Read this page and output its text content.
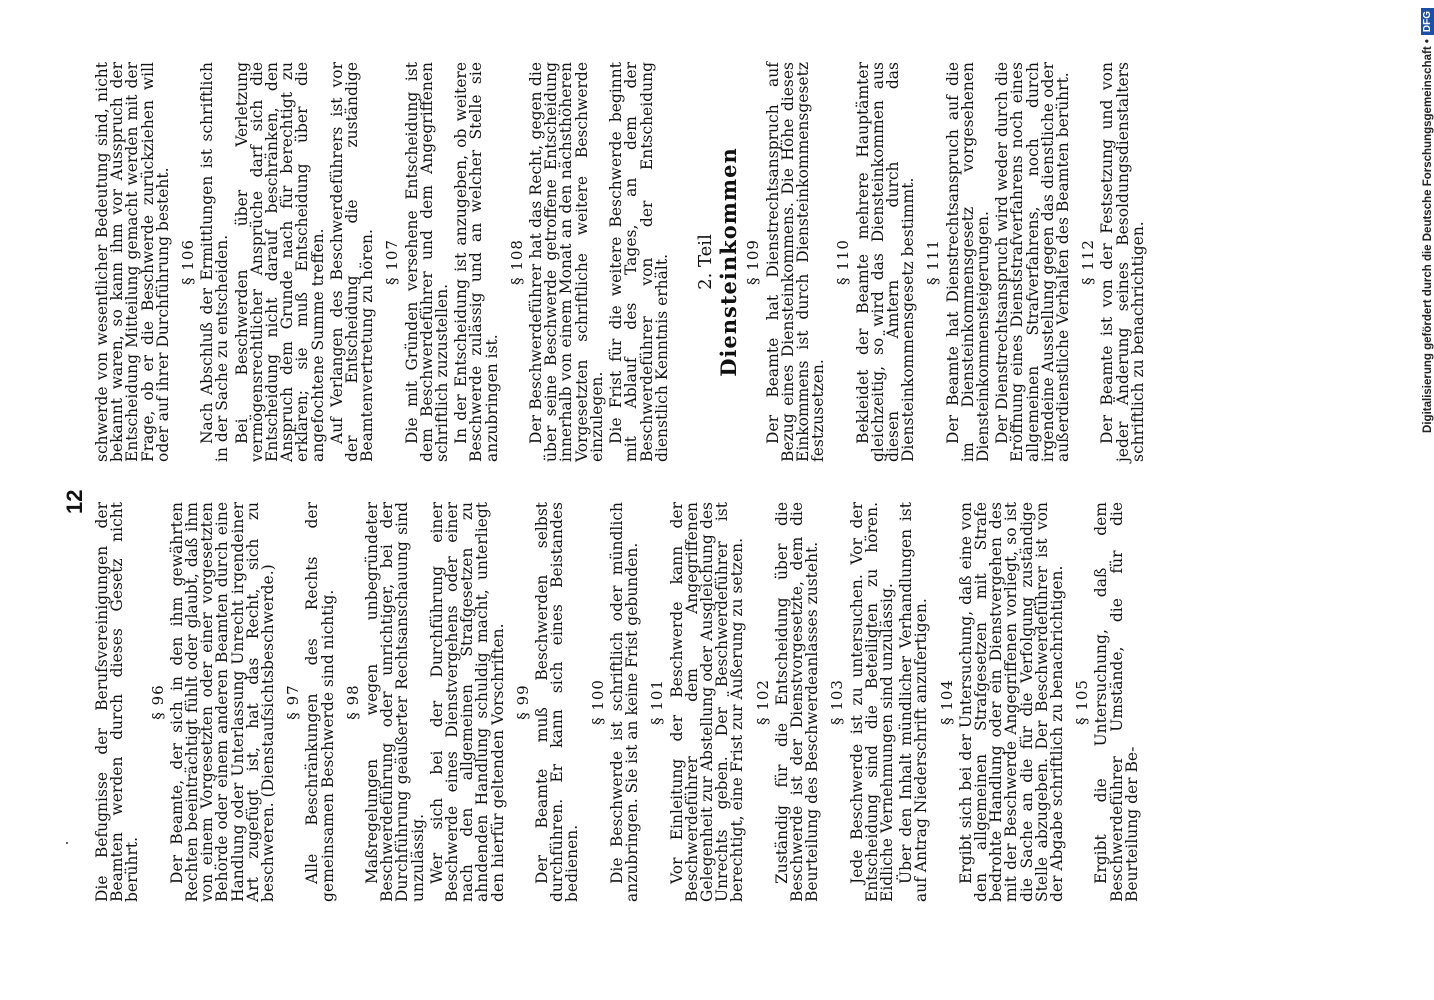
12
Die Befugnisse der Berufsvereinigungen der Beamten werden durch dieses Gesetz nicht berührt.
§ 96 Der Beamte, der sich in den ihm gewährten Rechten beeinträchtigt fühlt oder glaubt, daß ihm von einem Vorgesetzten oder einer vorgesetzten Behörde oder einem anderen Beamten durch eine Handlung oder Unterlassung Unrecht irgendeiner Art zugefügt ist, hat das Recht, sich zu beschweren. (Dienstaufsichtsbeschwerde.) § 97 Alle Beschränkungen des Rechts der gemeinsamen Beschwerde sind nichtig. § 98 Maßregelungen wegen unbegründeter Beschwerdeführung oder unrichtiger, bei der Durchführung geäußerter Rechtsanschauung sind unzulässig. Wer sich bei der Durchführung einer Beschwerde eines Dienstvergehens oder einer nach den allgemeinen Strafgesetzen zu ahndenden Handlung schuldig macht, unterliegt den hierfür geltenden Vorschriften. § 99 Der Beamte muß Beschwerden selbst durchführen. Er kann sich eines Beistandes bedienen.
§ 100 Die Beschwerde ist schriftlich oder mündlich anzubringen. Sie ist an keine Frist gebunden. § 101 Vor Einleitung der Beschwerde kann der Beschwerdeführer dem Angegriffenen Gelegenheit zur Abstellung oder Ausgleichung des Unrechts geben. Der Beschwerdeführer ist berechtigt, eine Frist zur Äußerung zu setzen. § 102 Zuständig für die Entscheidung über die Beschwerde ist der Dienstvorgesetzte, dem die Beurteilung des Beschwerdeanlasses zusteht. § 103 Jede Beschwerde ist zu untersuchen. Vor der Entscheidung sind die Beteiligten zu hören. Eidliche Vernehmungen sind unzulässig. Über den Inhalt mündlicher Verhandlungen ist auf Antrag Niederschrift anzufertigen. § 104 Ergibt sich bei der Untersuchung, daß eine von den allgemeinen Strafgesetzen mit Strafe bedrohte Handlung oder ein Dienstvergehen des mit der Beschwerde Angegriffenen vorliegt, so ist die Sache an die für die Verfolgung zuständige Stelle abzugeben. Der Beschwerdeführer ist von der Abgabe schriftlich zu benachrichtigen. § 105 Ergibt die Untersuchung, daß dem Beschwerdeführer Umstände, die für die Beurteilung der Be-
schwerde von wesentlicher Bedeutung sind, nicht bekannt waren, so kann ihm vor Ausspruch der Entscheidung Mitteilung gemacht werden mit der Frage, ob er die Beschwerde zurückziehen will oder auf ihrer Durchführung besteht. § 106 Nach Abschluß der Ermittlungen ist schriftlich in der Sache zu entscheiden. Bei Beschwerden über Verletzung vermögensrechtlicher Ansprüche darf sich die Entscheidung nicht darauf beschränken, den Anspruch dem Grunde nach für berechtigt zu erklären; sie muß Entscheidung über die angefochtene Summe treffen. Auf Verlangen des Beschwerdeführers ist vor der Entscheidung die zuständige Beamtenvertretung zu hören. § 107 Die mit Gründen versehene Entscheidung ist dem Beschwerdeführer und dem Angegriffenen schriftlich zuzustellen. In der Entscheidung ist anzugeben, ob weitere Beschwerde zulässig und an welcher Stelle sie anzubringen ist.
§ 108 Der Beschwerdeführer hat das Recht, gegen die über seine Beschwerde getroffene Entscheidung innerhalb von einem Monat an den nächsthöheren Vorgesetzten schriftliche weitere Beschwerde einzulegen. Die Frist für die weitere Beschwerde beginnt mit Ablauf des Tages, an dem der Beschwerdeführer von der Entscheidung dienstlich Kenntnis erhält. 2. Teil Diensteinkommen § 109 Der Beamte hat Dienstrechtsanspruch auf Bezug eines Diensteinkommens. Die Höhe dieses Einkommens ist durch Diensteinkommensgesetz festzusetzen.
§ 110 Bekleidet der Beamte mehrere Hauptämter gleichzeitig, so wird das Diensteinkommen aus diesen Ämtern durch das Diensteinkommensgesetz bestimmt. § 111 Der Beamte hat Dienstrechtsanspruch auf die im Diensteinkommensgesetz vorgesehenen Diensteinkommensteigerungen. Der Dienstrechtsanspruch wird weder durch die Eröffnung eines Dienststrafverfahrens noch eines allgemeinen Strafverfahrens, noch durch irgendeine Ausstellung gegen das dienstliche oder außerdienstliche Verhalten des Beamten berührt. § 112 Der Beamte ist von der Festsetzung und von jeder Änderung seines Besoldungsdienstalters schriftlich zu benachrichtigen.	Digitalisierung gefördert durch die Deutsche Forschungsgemeinschaft •
DFG
